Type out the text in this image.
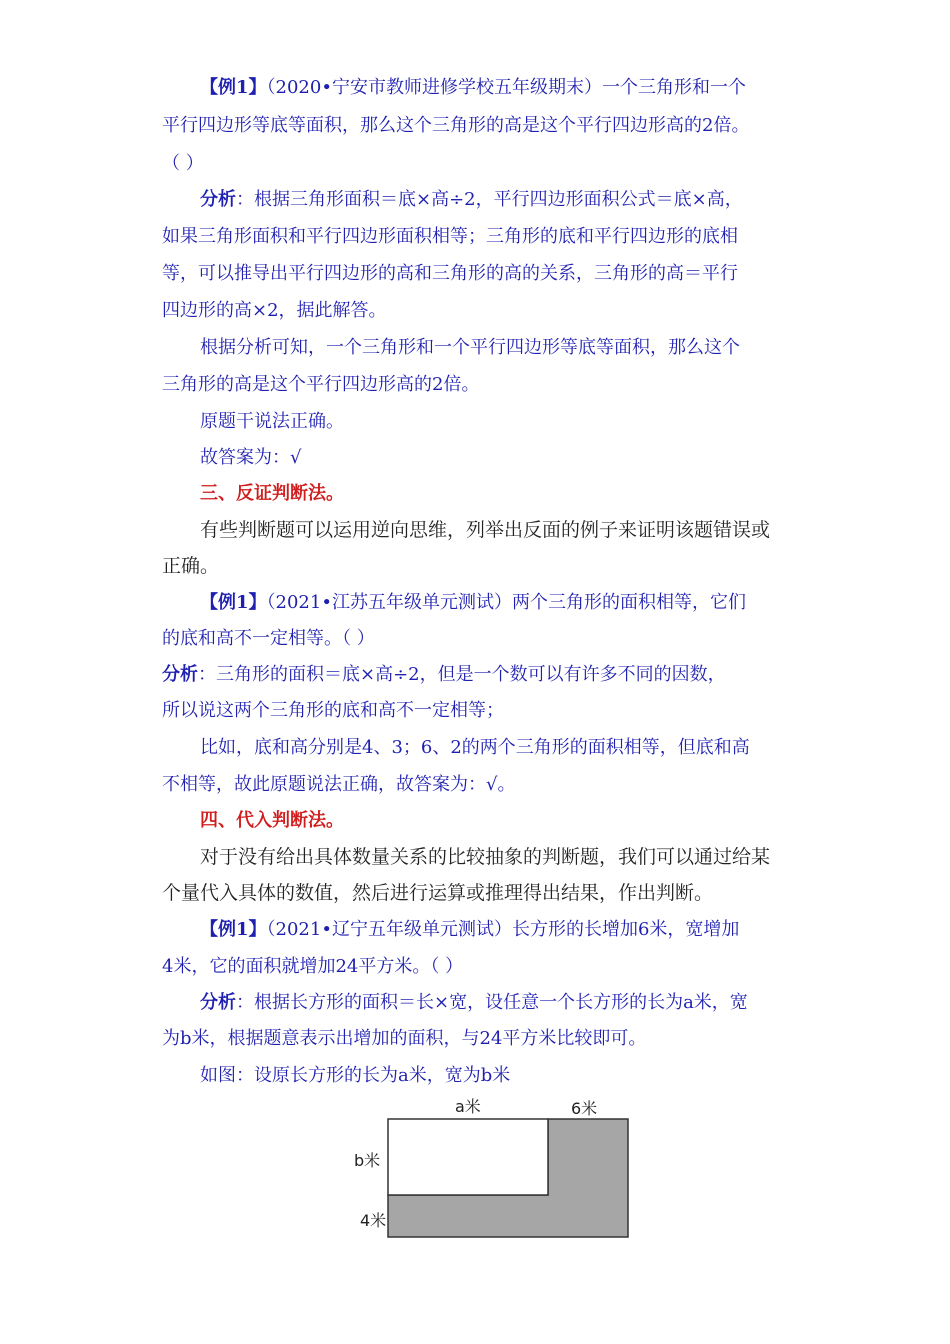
【例1】（2020•宁安市教师进修学校五年级期末）一个三角形和一个
平行四边形等底等面积，那么这个三角形的高是这个平行四边形高的2倍。
（ ）
分析：根据三角形面积＝底×高÷2，平行四边形面积公式＝底×高，
如果三角形面积和平行四边形面积相等；三角形的底和平行四边形的底相
等，可以推导出平行四边形的高和三角形的高的关系，三角形的高＝平行
四边形的高×2，据此解答。
根据分析可知，一个三角形和一个平行四边形等底等面积，那么这个
三角形的高是这个平行四边形高的2倍。
原题干说法正确。
故答案为：√
三、反证判断法。
有些判断题可以运用逆向思维，列举出反面的例子来证明该题错误或
正确。
【例1】（2021•江苏五年级单元测试）两个三角形的面积相等，它们
的底和高不一定相等。（ ）
分析：三角形的面积＝底×高÷2，但是一个数可以有许多不同的因数，
所以说这两个三角形的底和高不一定相等；
比如，底和高分别是4、3；6、2的两个三角形的面积相等，但底和高
不相等，故此原题说法正确，故答案为：√。
四、代入判断法。
对于没有给出具体数量关系的比较抽象的判断题，我们可以通过给某
个量代入具体的数值，然后进行运算或推理得出结果，作出判断。
【例1】（2021•辽宁五年级单元测试）长方形的长增加6米，宽增加
4米，它的面积就增加24平方米。（ ）
分析：根据长方形的面积＝长×宽，设任意一个长方形的长为a米，宽
为b米，根据题意表示出增加的面积，与24平方米比较即可。
如图：设原长方形的长为a米，宽为b米
a米	6米
b米
4米
